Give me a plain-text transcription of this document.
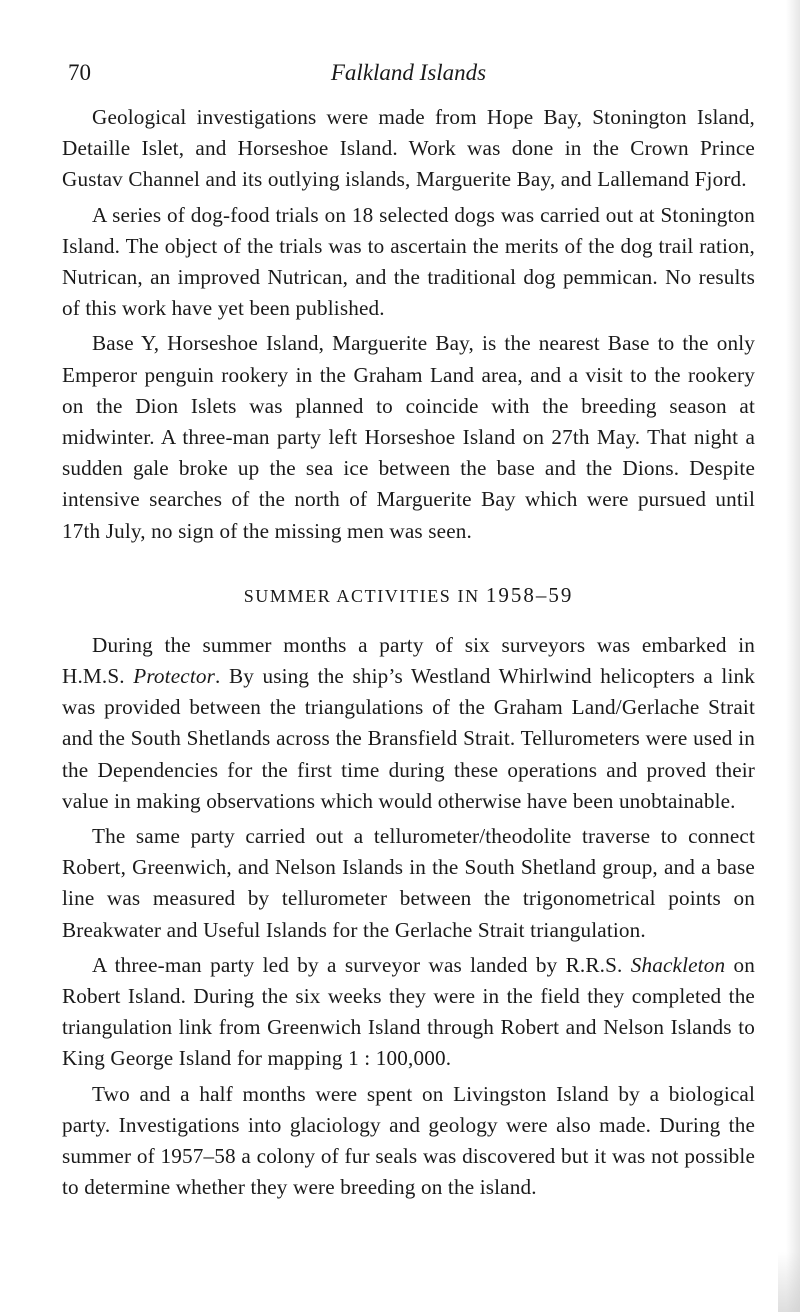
70	Falkland Islands

Geological investigations were made from Hope Bay, Stonington Island, Detaille Islet, and Horseshoe Island. Work was done in the Crown Prince Gustav Channel and its outlying islands, Marguerite Bay, and Lallemand Fjord.

A series of dog-food trials on 18 selected dogs was carried out at Stonington Island. The object of the trials was to ascertain the merits of the dog trail ration, Nutrican, an improved Nutrican, and the traditional dog pemmican. No results of this work have yet been published.

Base Y, Horseshoe Island, Marguerite Bay, is the nearest Base to the only Emperor penguin rookery in the Graham Land area, and a visit to the rookery on the Dion Islets was planned to coincide with the breeding season at midwinter. A three-man party left Horseshoe Island on 27th May. That night a sudden gale broke up the sea ice between the base and the Dions. Despite intensive searches of the north of Marguerite Bay which were pursued until 17th July, no sign of the missing men was seen.

SUMMER ACTIVITIES IN 1958–59

During the summer months a party of six surveyors was embarked in H.M.S. Protector. By using the ship’s Westland Whirlwind helicopters a link was provided between the triangulations of the Graham Land/Gerlache Strait and the South Shetlands across the Bransfield Strait. Tellurometers were used in the Dependencies for the first time during these operations and proved their value in making observations which would otherwise have been unobtainable.

The same party carried out a tellurometer/theodolite traverse to connect Robert, Greenwich, and Nelson Islands in the South Shetland group, and a base line was measured by tellurometer between the trigonometrical points on Breakwater and Useful Islands for the Gerlache Strait triangulation.

A three-man party led by a surveyor was landed by R.R.S. Shackleton on Robert Island. During the six weeks they were in the field they completed the triangulation link from Greenwich Island through Robert and Nelson Islands to King George Island for mapping 1 : 100,000.

Two and a half months were spent on Livingston Island by a biological party. Investigations into glaciology and geology were also made. During the summer of 1957–58 a colony of fur seals was discovered but it was not possible to determine whether they were breeding on the island.
